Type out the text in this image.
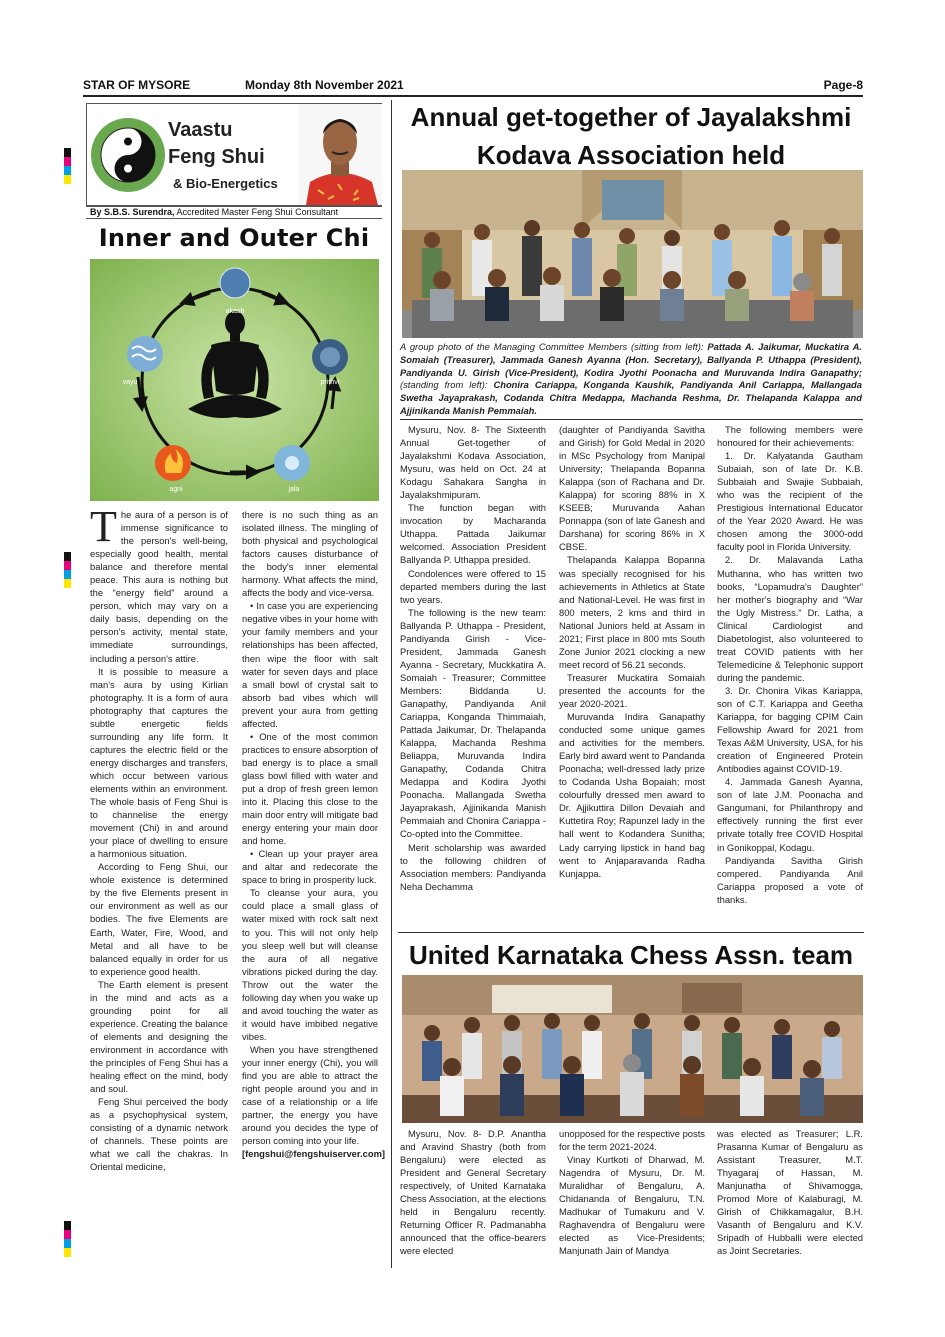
STAR OF MYSORE	Monday 8th November 2021	Page-8
Vaastu
Feng Shui
& Bio-Energetics
By S.B.S. Surendra, Accredited Master Feng Shui Consultant
Inner and Outer Chi
akash
vayu	prithvi
agni	jala

The aura of a person is of immense significance to the person's well-being, especially good health, mental balance and therefore mental peace. This aura is nothing but the “energy field” around a person, which may vary on a daily basis, depending on the person's activity, mental state, immediate surroundings, including a person's attire.

It is possible to measure a man's aura by using Kirlian photography. It is a form of aura photography that captures the subtle energetic fields surrounding any life form. It captures the electric field or the energy discharges and transfers, which occur between various elements within an environment. The whole basis of Feng Shui is to channelise the energy movement (Chi) in and around your place of dwelling to ensure a harmonious situation.

According to Feng Shui, our whole existence is determined by the five Elements present in our environment as well as our bodies. The five Elements are Earth, Water, Fire, Wood, and Metal and all have to be balanced equally in order for us to experience good health.

The Earth element is present in the mind and acts as a grounding point for all experience. Creating the balance of elements and designing the environment in accordance with the principles of Feng Shui has a healing effect on the mind, body and soul.

Feng Shui perceived the body as a psychophysical system, consisting of a dynamic network of channels. These points are what we call the chakras. In Oriental medicine,

there is no such thing as an isolated illness. The mingling of both physical and psychological factors causes disturbance of the body's inner elemental harmony. What affects the mind, affects the body and vice-versa.

• In case you are experiencing negative vibes in your home with your family members and your relationships has been affected, then wipe the floor with salt water for seven days and place a small bowl of crystal salt to absorb bad vibes which will prevent your aura from getting affected.

• One of the most common practices to ensure absorption of bad energy is to place a small glass bowl filled with water and put a drop of fresh green lemon into it. Placing this close to the main door entry will mitigate bad energy entering your main door and home.

• Clean up your prayer area and altar and redecorate the space to bring in prosperity luck.

To cleanse your aura, you could place a small glass of water mixed with rock salt next to you. This will not only help you sleep well but will cleanse the aura of all negative vibrations picked during the day. Throw out the water the following day when you wake up and avoid touching the water as it would have imbibed negative vibes.

When you have strengthened your inner energy (Chi), you will find you are able to attract the right people around you and in case of a relationship or a life partner, the energy you have around you decides the type of person coming into your life.

[fengshui@fengshuiserver.com]

Annual get-together of Jayalakshmi
Kodava Association held
A group photo of the Managing Committee Members (sitting from left): Pattada A. Jaikumar, Muckatira A. Somaiah (Treasurer), Jammada Ganesh Ayanna (Hon. Secretary), Ballyanda P. Uthappa (President), Pandiyanda U. Girish (Vice-President), Kodira Jyothi Poonacha and Muruvanda Indira Ganapathy; (standing from left): Chonira Cariappa, Konganda Kaushik, Pandiyanda Anil Cariappa, Mallangada Swetha Jayaprakash, Codanda Chitra Medappa, Machanda Reshma, Dr. Thelapanda Kalappa and Ajjinikanda Manish Pemmaiah.

Mysuru, Nov. 8- The Sixteenth Annual Get-together of Jayalakshmi Kodava Association, Mysuru, was held on Oct. 24 at Kodagu Sahakara Sangha in Jayalakshmipuram.

The function began with invocation by Macharanda Uthappa. Pattada Jaikumar welcomed. Association President Ballyanda P. Uthappa presided.

Condolences were offered to 15 departed members during the last two years.

The following is the new team: Ballyanda P. Uthappa - President, Pandiyanda Girish - Vice-President, Jammada Ganesh Ayanna - Secretary, Muckkatira A. Somaiah - Treasurer; Committee Members: Biddanda U. Ganapathy, Pandiyanda Anil Cariappa, Konganda Thimmaiah, Pattada Jaikumar, Dr. Thelapanda Kalappa, Machanda Reshma Beliappa, Muruvanda Indira Ganapathy, Codanda Chitra Medappa and Kodira Jyothi Poonacha. Mallangada Swetha Jayaprakash, Ajjinikanda Manish Pemmaiah and Chonira Cariappa - Co-opted into the Committee.

Merit scholarship was awarded to the following children of Association members: Pandiyanda Neha Dechamma

(daughter of Pandiyanda Savitha and Girish) for Gold Medal in 2020 in MSc Psychology from Manipal University; Thelapanda Bopanna Kalappa (son of Rachana and Dr. Kalappa) for scoring 88% in X KSEEB; Muruvanda Aahan Ponnappa (son of late Ganesh and Darshana) for scoring 86% in X CBSE.

Thelapanda Kalappa Bopanna was specially recognised for his achievements in Athletics at State and National-Level. He was first in 800 meters, 2 kms and third in National Juniors held at Assam in 2021; First place in 800 mts South Zone Junior 2021 clocking a new meet record of 56.21 seconds.

Treasurer Muckatira Somaiah presented the accounts for the year 2020-2021.

Muruvanda Indira Ganapathy conducted some unique games and activities for the members. Early bird award went to Pandanda Poonacha; well-dressed lady prize to Codanda Usha Bopaiah; most colourfully dressed men award to Dr. Ajjikuttira Dillon Devaiah and Kuttetira Roy; Rapunzel lady in the hall went to Kodandera Sunitha; Lady carrying lipstick in hand bag went to Anjaparavanda Radha Kunjappa.

The following members were honoured for their achievements:

1. Dr. Kalyatanda Gautham Subaiah, son of late Dr. K.B. Subbaiah and Swajie Subbaiah, who was the recipient of the Prestigious International Educator of the Year 2020 Award. He was chosen among the 3000-odd faculty pool in Florida University.

2. Dr. Malavanda Latha Muthanna, who has written two books, “Lopamudra's Daughter” her mother's biography and “War the Ugly Mistress.” Dr. Latha, a Clinical Cardiologist and Diabetologist, also volunteered to treat COVID patients with her Telemedicine & Telephonic support during the pandemic.

3. Dr. Chonira Vikas Kariappa, son of C.T. Kariappa and Geetha Kariappa, for bagging CPIM Cain Fellowship Award for 2021 from Texas A&M University, USA, for his creation of Engineered Protein Antibodies against COVID-19.

4. Jammada Ganesh Ayanna, son of late J.M. Poonacha and Gangumani, for Philanthropy and effectively running the first ever private totally free COVID Hospital in Gonikoppal, Kodagu.

Pandiyanda Savitha Girish compered. Pandiyanda Anil Cariappa proposed a vote of thanks.

United Karnataka Chess Assn. team

Mysuru, Nov. 8- D.P. Anantha and Aravind Shastry (both from Bengaluru) were elected as President and General Secretary respectively, of United Karnataka Chess Association, at the elections held in Bengaluru recently. Returning Officer R. Padmanabha announced that the office-bearers were elected

unopposed for the respective posts for the term 2021-2024.

Vinay Kurtkoti of Dharwad, M. Nagendra of Mysuru, Dr. M. Muralidhar of Bengaluru, A. Chidananda of Bengaluru, T.N. Madhukar of Tumakuru and V. Raghavendra of Bengaluru were elected as Vice-Presidents; Manjunath Jain of Mandya

was elected as Treasurer; L.R. Prasanna Kumar of Bengaluru as Assistant Treasurer, M.T. Thyagaraj of Hassan, M. Manjunatha of Shivamogga, Promod More of Kalaburagi, M. Girish of Chikkamagalur, B.H. Vasanth of Bengaluru and K.V. Sripadh of Hubballi were elected as Joint Secretaries.
